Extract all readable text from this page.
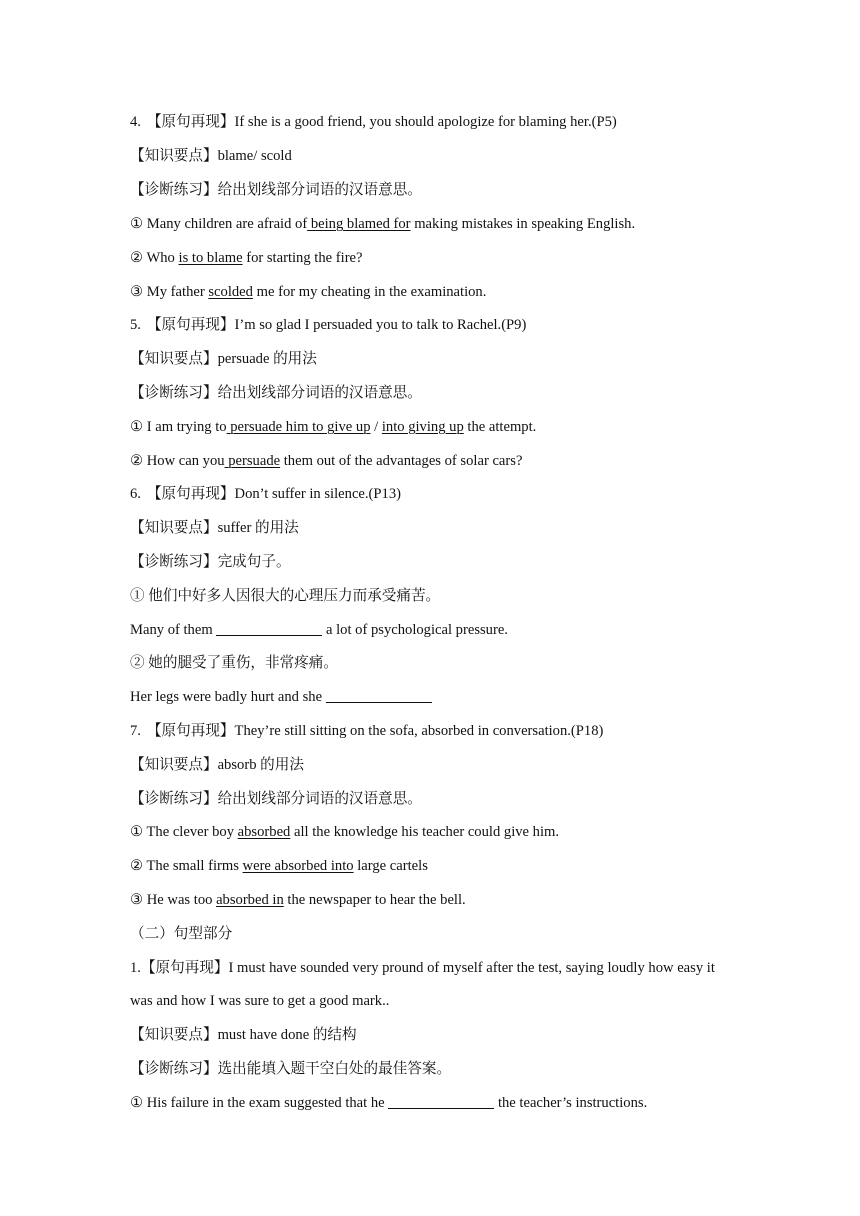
4. 【原句再现】If she is a good friend, you should apologize for blaming her.(P5)
【知识要点】blame/ scold
【诊断练习】给出划线部分词语的汉语意思。
① Many children are afraid of being blamed for making mistakes in speaking English.
② Who is to blame for starting the fire?
③ My father scolded me for my cheating in the examination.
5. 【原句再现】I’m so glad I persuaded you to talk to Rachel.(P9)
【知识要点】persuade 的用法
【诊断练习】给出划线部分词语的汉语意思。
① I am trying to persuade him to give up / into giving up the attempt.
② How can you persuade them out of the advantages of solar cars?
6. 【原句再现】Don’t suffer in silence.(P13)
【知识要点】suffer 的用法
【诊断练习】完成句子。
① 他们中好多人因很大的心理压力而承受痛苦。
Many of them	a lot of psychological pressure.
② 她的腿受了重伤，非常疼痛。
Her legs were badly hurt and she
7. 【原句再现】They’re still sitting on the sofa, absorbed in conversation.(P18)
【知识要点】absorb 的用法
【诊断练习】给出划线部分词语的汉语意思。
① The clever boy absorbed all the knowledge his teacher could give him.
② The small firms were absorbed into large cartels
③ He was too absorbed in the newspaper to hear the bell.
（二）句型部分
1.【原句再现】I must have sounded very pround of myself after the test, saying loudly how easy it
was and how I was sure to get a good mark..
【知识要点】must have done 的结构
【诊断练习】选出能填入题干空白处的最佳答案。
① His failure in the exam suggested that he	the teacher’s instructions.
